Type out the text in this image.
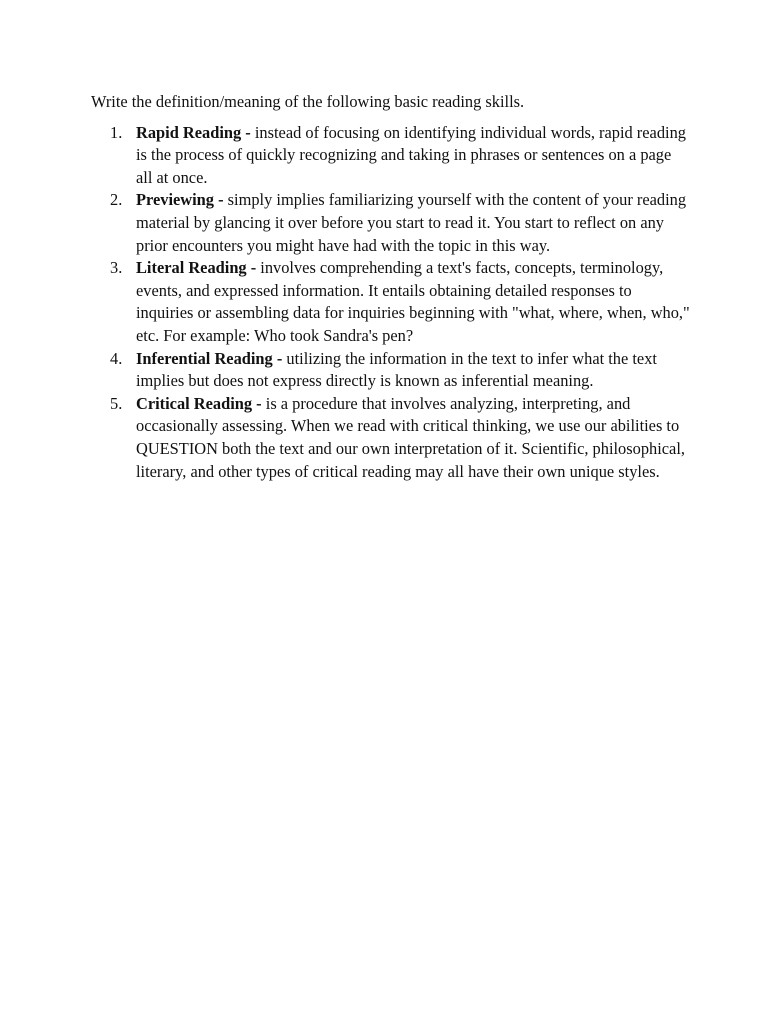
Write the definition/meaning of the following basic reading skills.

1. Rapid Reading - instead of focusing on identifying individual words, rapid reading is the process of quickly recognizing and taking in phrases or sentences on a page all at once.
2. Previewing - simply implies familiarizing yourself with the content of your reading material by glancing it over before you start to read it. You start to reflect on any prior encounters you might have had with the topic in this way.
3. Literal Reading - involves comprehending a text's facts, concepts, terminology, events, and expressed information. It entails obtaining detailed responses to inquiries or assembling data for inquiries beginning with "what, where, when, who," etc. For example: Who took Sandra's pen?
4. Inferential Reading - utilizing the information in the text to infer what the text implies but does not express directly is known as inferential meaning.
5. Critical Reading - is a procedure that involves analyzing, interpreting, and occasionally assessing. When we read with critical thinking, we use our abilities to QUESTION both the text and our own interpretation of it. Scientific, philosophical, literary, and other types of critical reading may all have their own unique styles.
